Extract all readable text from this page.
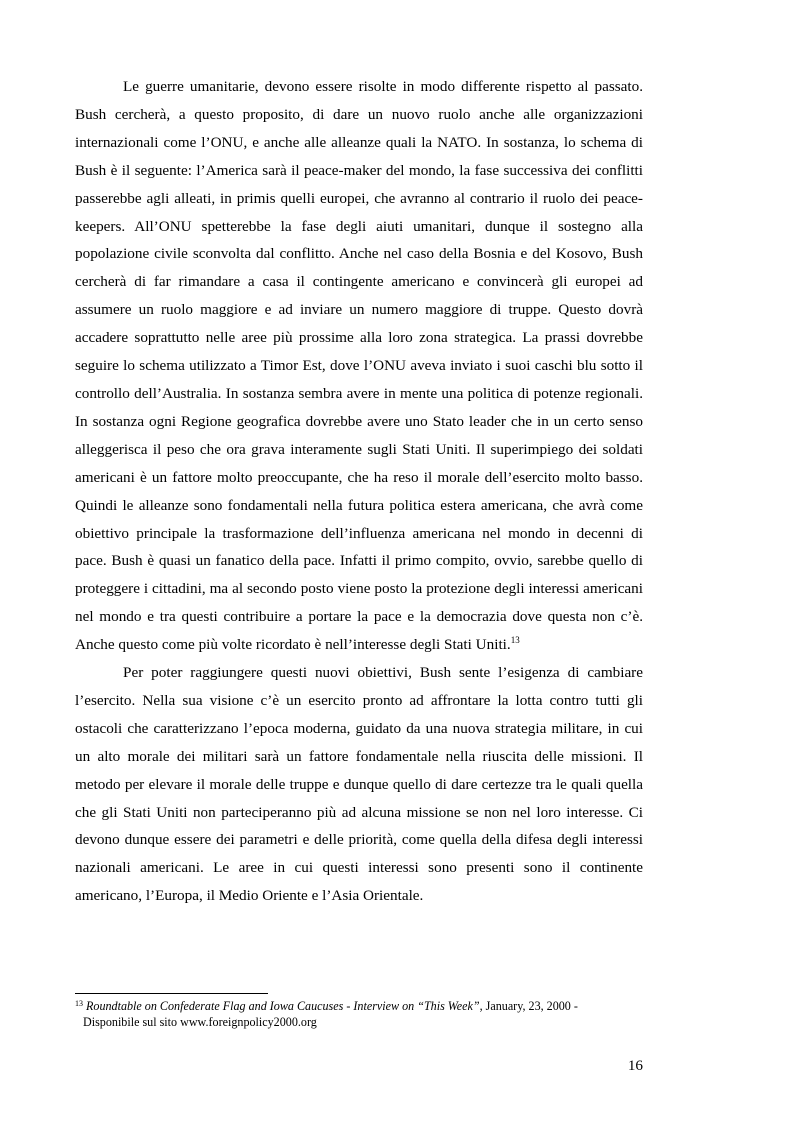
Le guerre umanitarie, devono essere risolte in modo differente rispetto al passato. Bush cercherà, a questo proposito, di dare un nuovo ruolo anche alle organizzazioni internazionali come l’ONU, e anche alle alleanze quali la NATO. In sostanza, lo schema di Bush è il seguente: l’America sarà il peace-maker del mondo, la fase successiva dei conflitti passerebbe agli alleati, in primis quelli europei, che avranno al contrario il ruolo dei peace-keepers. All’ONU spetterebbe la fase degli aiuti umanitari, dunque il sostegno alla popolazione civile sconvolta dal conflitto. Anche nel caso della Bosnia e del Kosovo, Bush cercherà di far rimandare a casa il contingente americano e convincerà gli europei ad assumere un ruolo maggiore e ad inviare un numero maggiore di truppe. Questo dovrà accadere soprattutto nelle aree più prossime alla loro zona strategica. La prassi dovrebbe seguire lo schema utilizzato a Timor Est, dove l’ONU aveva inviato i suoi caschi blu sotto il controllo dell’Australia. In sostanza sembra avere in mente una politica di potenze regionali. In sostanza ogni Regione geografica dovrebbe avere uno Stato leader che in un certo senso alleggerisca il peso che ora grava interamente sugli Stati Uniti. Il superimpiego dei soldati americani è un fattore molto preoccupante, che ha reso il morale dell’esercito molto basso. Quindi le alleanze sono fondamentali nella futura politica estera americana, che avrà come obiettivo principale la trasformazione dell’influenza americana nel mondo in decenni di pace. Bush è quasi un fanatico della pace. Infatti il primo compito, ovvio, sarebbe quello di proteggere i cittadini, ma al secondo posto viene posto la protezione degli interessi americani nel mondo e tra questi contribuire a portare la pace e la democrazia dove questa non c’è. Anche questo come più volte ricordato è nell’interesse degli Stati Uniti.$^{13}$

Per poter raggiungere questi nuovi obiettivi, Bush sente l’esigenza di cambiare l’esercito. Nella sua visione c’è un esercito pronto ad affrontare la lotta contro tutti gli ostacoli che caratterizzano l’epoca moderna, guidato da una nuova strategia militare, in cui un alto morale dei militari sarà un fattore fondamentale nella riuscita delle missioni. Il metodo per elevare il morale delle truppe e dunque quello di dare certezze tra le quali quella che gli Stati Uniti non parteciperanno più ad alcuna missione se non nel loro interesse. Ci devono dunque essere dei parametri e delle priorità, come quella della difesa degli interessi nazionali americani. Le aree in cui questi interessi sono presenti sono il continente americano, l’Europa, il Medio Oriente e l’Asia Orientale.

$^{13}$ Roundtable on Confederate Flag and Iowa Caucuses - Interview on “This Week”, January, 23, 2000 -
Disponibile sul sito www.foreignpolicy2000.org
16
